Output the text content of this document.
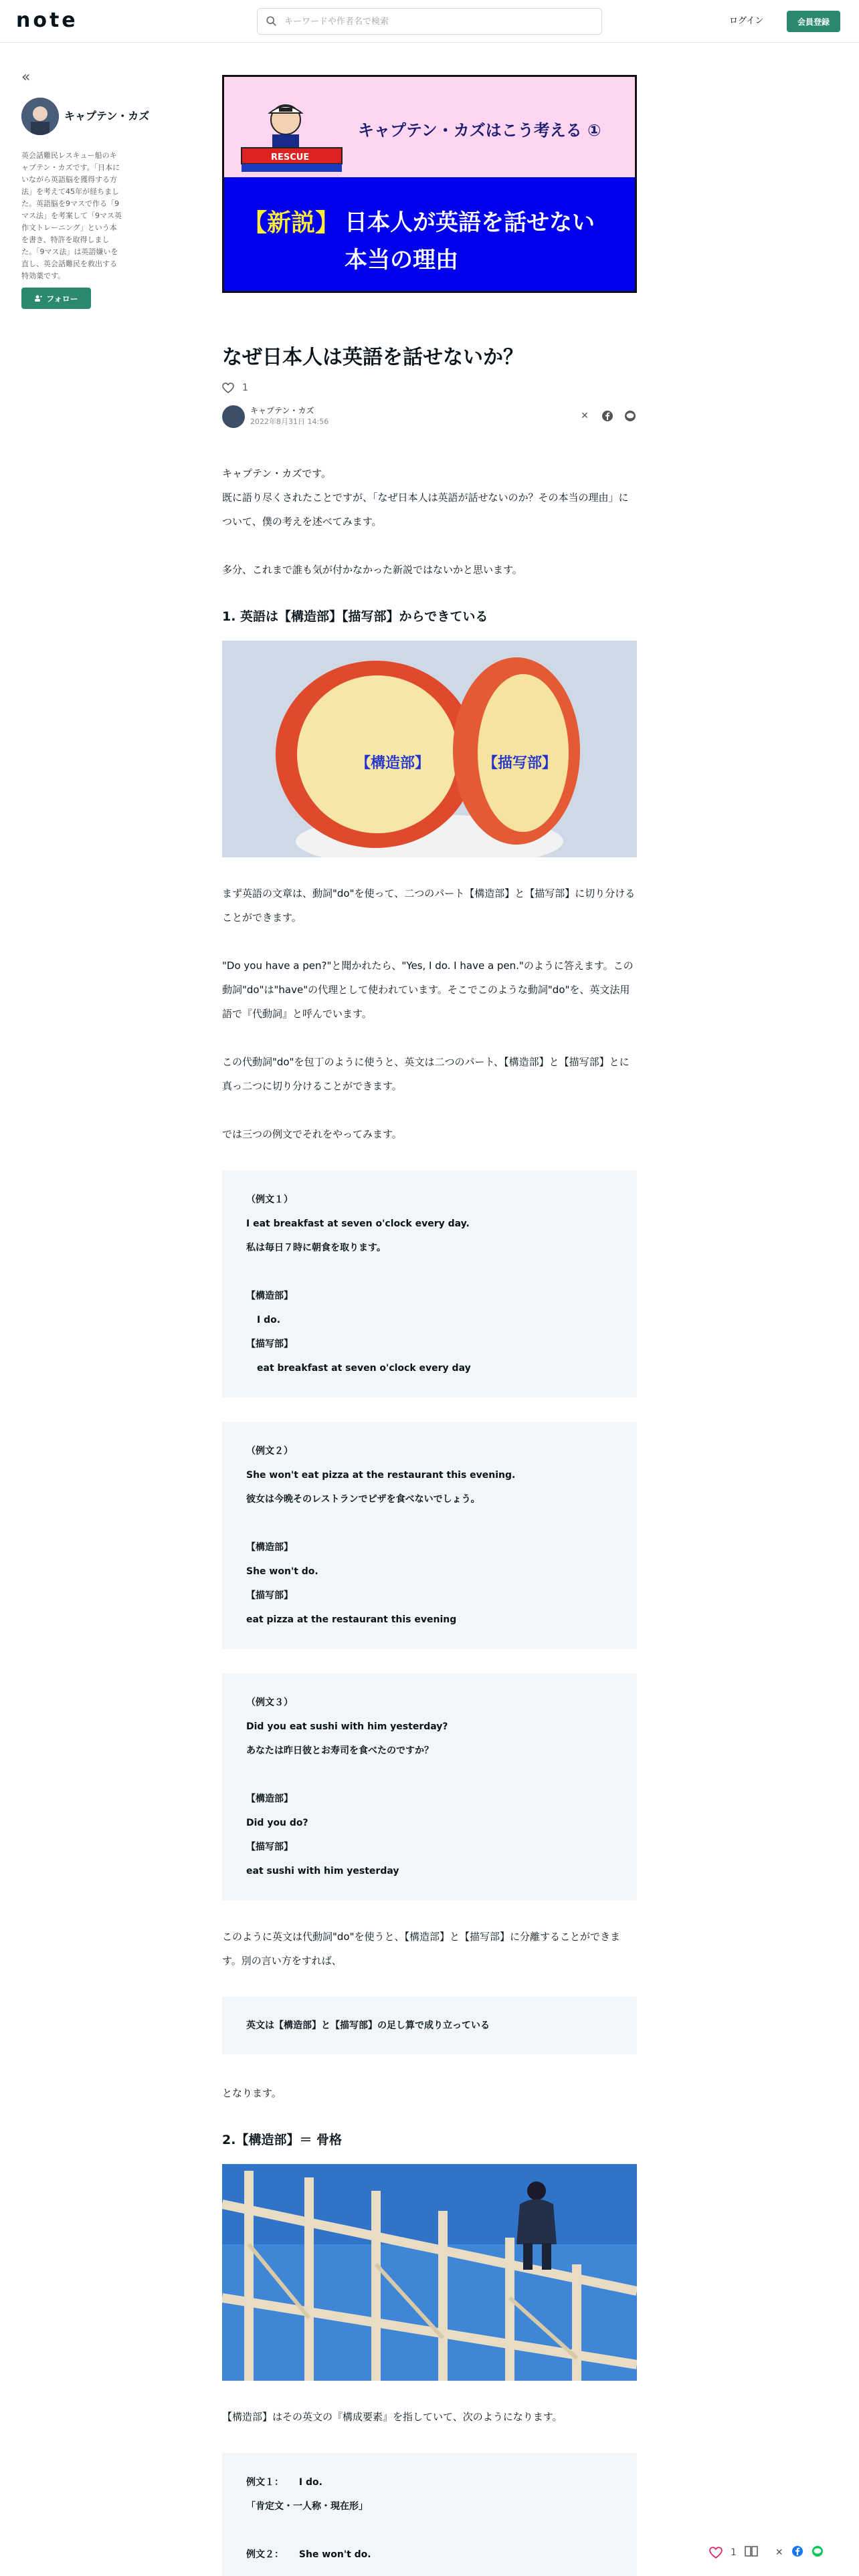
note
キーワードや作者名で検索	ログイン	会員登録
«
キャプテン・カズ
英会話難民レスキュー船のキャプテン・カズです。「日本にいながら英語脳を獲得する方法」を考えて45年が経ちました。英語脳を9マスで作る「9マス法」を考案して「9マス英作文トレーニング」という本を書き、特許を取得しました。「9マス法」は英語嫌いを直し、英会話難民を救出する特効薬です。
フォロー
RESCUE
キャプテン・カズはこう考える ①
【新説】 日本人が英語を話せない
本当の理由
なぜ日本人は英語を話せないか？
1
キャプテン・カズ
2022年8月31日 14:56
✕

キャプテン・カズです。
既に語り尽くされたことですが、「なぜ日本人は英語が話せないのか？その本当の理由」について、僕の考えを述べてみます。

多分、これまで誰も気が付かなかった新説ではないかと思います。

1. 英語は【構造部】【描写部】からできている
【構造部】	【描写部】

まず英語の文章は、動詞"do"を使って、二つのパート【構造部】と【描写部】に切り分けることができます。

"Do you have a pen?"と聞かれたら、"Yes, I do. I have a pen."のように答えます。この動詞"do"は"have"の代理として使われています。そこでこのような動詞"do"を、英文法用語で『代動詞』と呼んでいます。

この代動詞"do"を包丁のように使うと、英文は二つのパート、【構造部】と【描写部】とに真っ二つに切り分けることができます。

では三つの例文でそれをやってみます。

（例文１）
I eat breakfast at seven o'clock every day.
私は毎日７時に朝食を取ります。
【構造部】
I do.
【描写部】
eat breakfast at seven o'clock every day
（例文２）
She won't eat pizza at the restaurant this evening.
彼女は今晩そのレストランでピザを食べないでしょう。
【構造部】
She won't do.
【描写部】
eat pizza at the restaurant this evening
（例文３）
Did you eat sushi with him yesterday?
あなたは昨日彼とお寿司を食べたのですか？
【構造部】
Did you do?
【描写部】
eat sushi with him yesterday

このように英文は代動詞"do"を使うと、【構造部】と【描写部】に分離することができます。別の言い方をすれば、

英文は【構造部】と【描写部】の足し算で成り立っている

となります。

2.【構造部】＝ 骨格

【構造部】はその英文の『構成要素』を指していて、次のようになります。

例文１： I do.
「肯定文・一人称・現在形」
例文２： She won't do.	1	✕
